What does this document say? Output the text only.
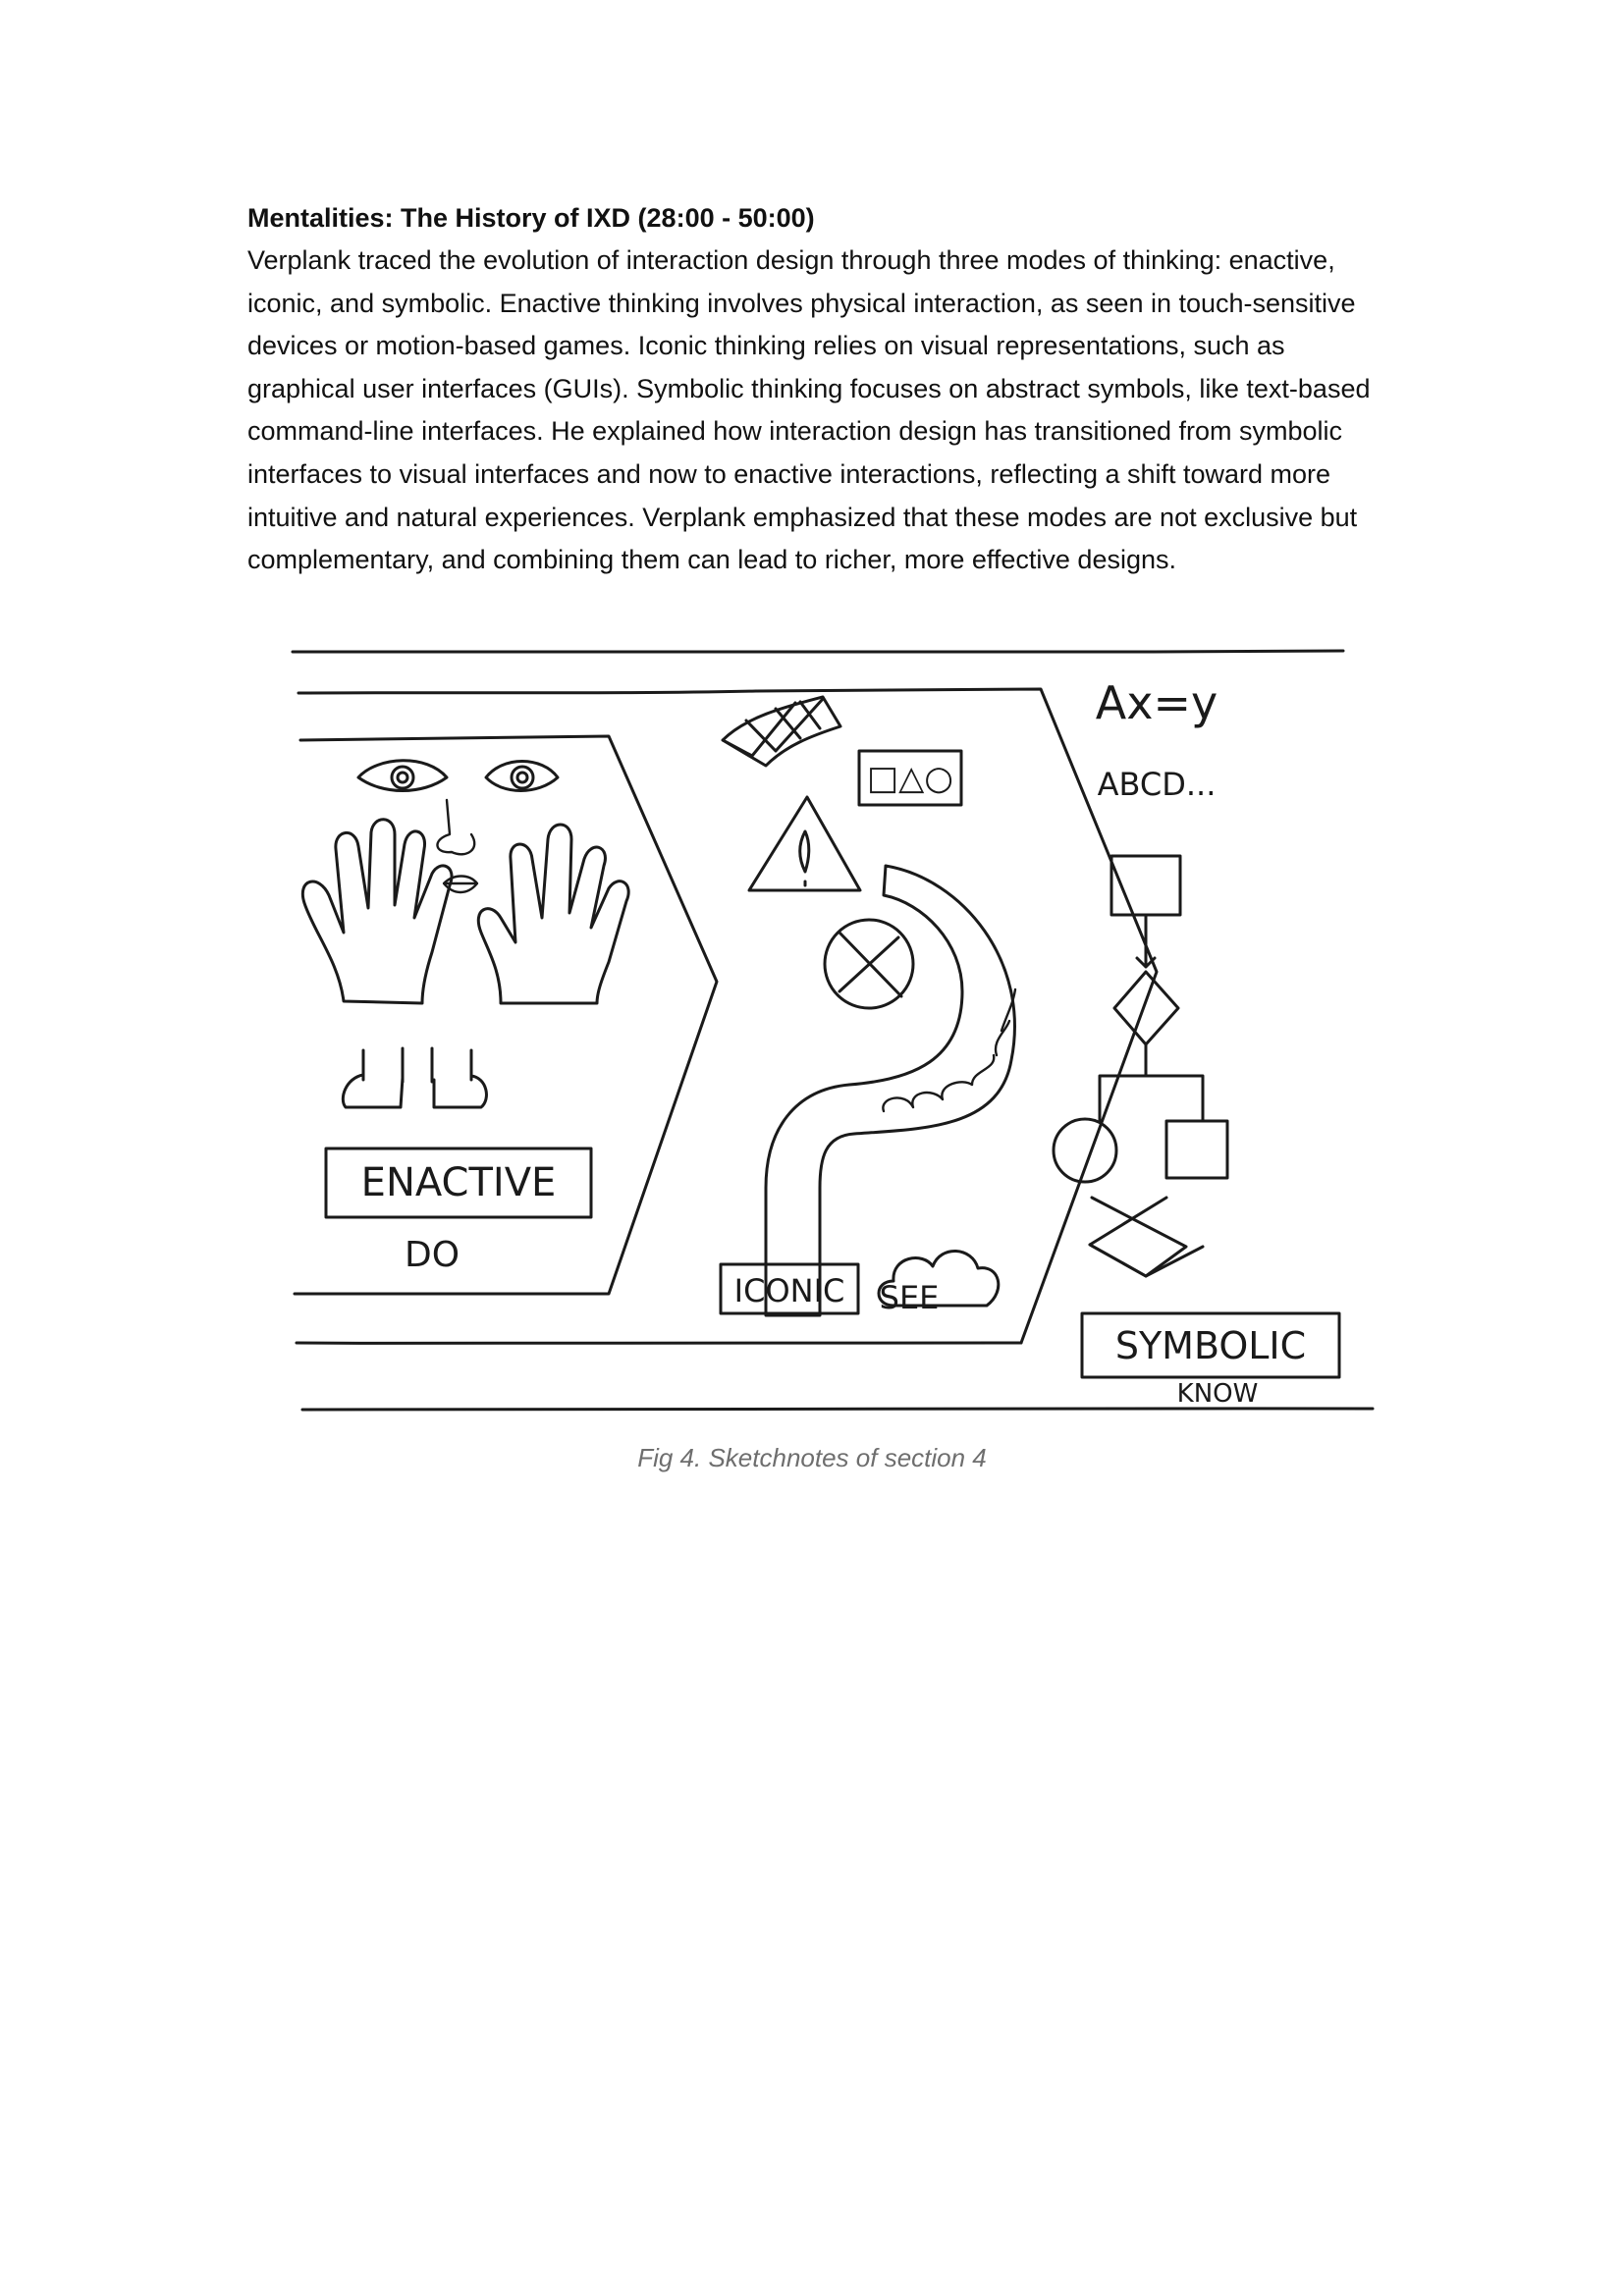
Mentalities: The History of IXD (28:00 - 50:00)

Verplank traced the evolution of interaction design through three modes of thinking: enactive, iconic, and symbolic. Enactive thinking involves physical interaction, as seen in touch-sensitive devices or motion-based games. Iconic thinking relies on visual representations, such as graphical user interfaces (GUIs). Symbolic thinking focuses on abstract symbols, like text-based command-line interfaces. He explained how interaction design has transitioned from symbolic interfaces to visual interfaces and now to enactive interactions, reflecting a shift toward more intuitive and natural experiences. Verplank emphasized that these modes are not exclusive but complementary, and combining them can lead to richer, more effective designs.

ENACTIVE
DO
□△○
ICONIC SEE
Ax=y
ABCD...
SYMBOLIC
KNOW

Fig 4. Sketchnotes of section 4
